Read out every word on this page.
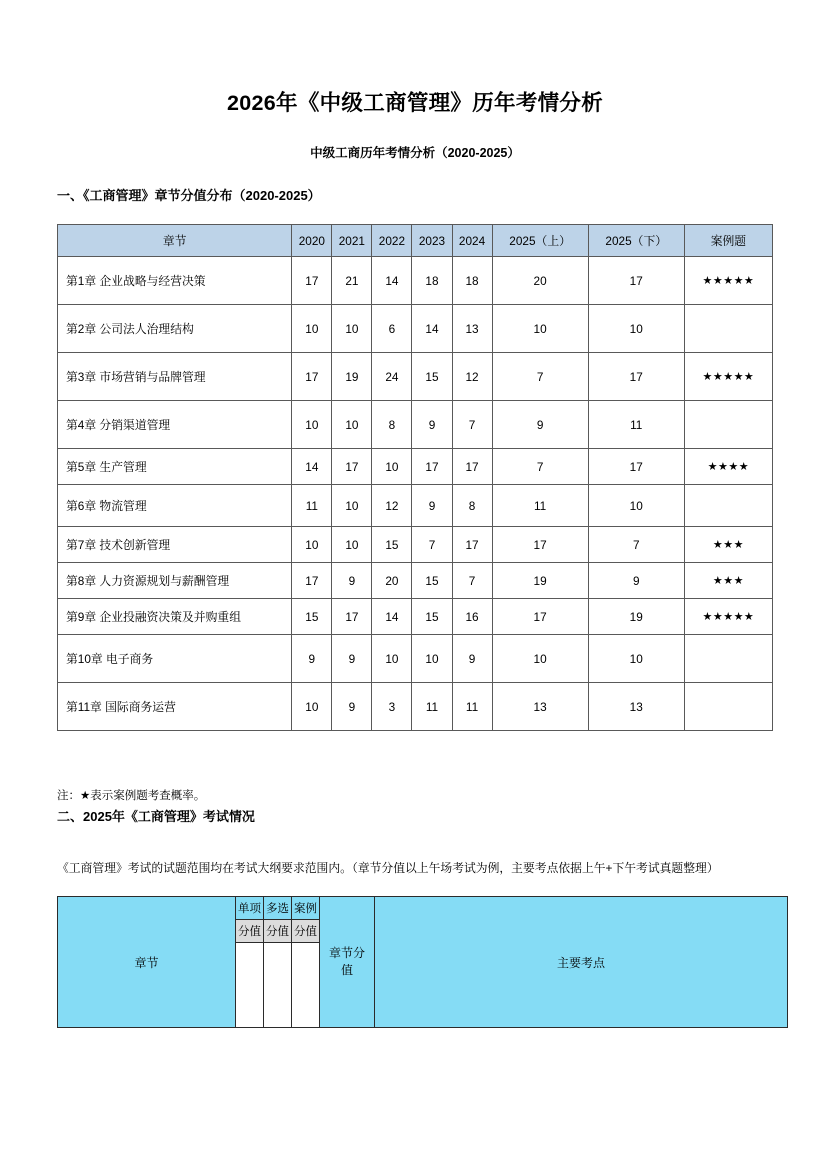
2026年《中级工商管理》历年考情分析
中级工商历年考情分析（2020-2025）
一、《工商管理》章节分值分布（2020-2025）
章节	2020	2021	2022	2023	2024	2025（上）	2025（下）	案例题
第1章 企业战略与经营决策	17	21	14	18	18	20	17	★★★★★
第2章 公司法人治理结构	10	10	6	14	13	10	10	
第3章 市场营销与品牌管理	17	19	24	15	12	7	17	★★★★★
第4章 分销渠道管理	10	10	8	9	7	9	11	
第5章 生产管理	14	17	10	17	17	7	17	★★★★
第6章 物流管理	11	10	12	9	8	11	10	
第7章 技术创新管理	10	10	15	7	17	17	7	★★★
第8章 人力资源规划与薪酬管理	17	9	20	15	7	19	9	★★★
第9章 企业投融资决策及并购重组	15	17	14	15	16	17	19	★★★★★
第10章 电子商务	9	9	10	10	9	10	10	
第11章 国际商务运营	10	9	3	11	11	13	13	
注：★表示案例题考查概率。
二、2025年《工商管理》考试情况
《工商管理》考试的试题范围均在考试大纲要求范围内。（章节分值以上午场考试为例，主要考点依据上午+下午考试真题整理）
章节	单项	多选	案例	章节分值	主要考点
	分值	分值	分值		
